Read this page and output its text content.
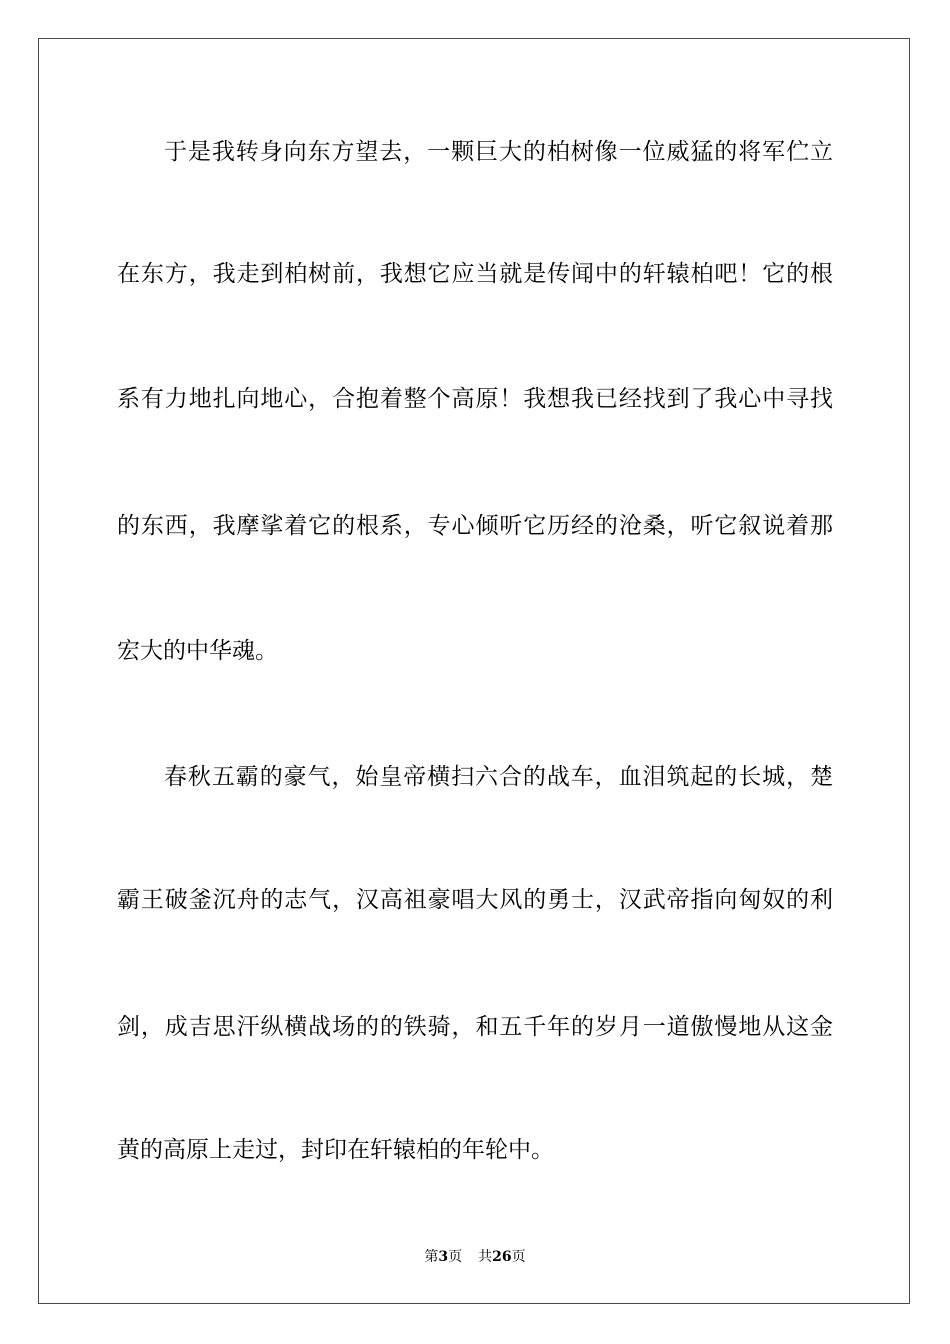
于是我转身向东方望去，一颗巨大的柏树像一位威猛的将军伫立
在东方，我走到柏树前，我想它应当就是传闻中的轩辕柏吧！它的根
系有力地扎向地心，合抱着整个高原！我想我已经找到了我心中寻找
的东西，我摩挲着它的根系，专心倾听它历经的沧桑，听它叙说着那
宏大的中华魂。
春秋五霸的豪气，始皇帝横扫六合的战车，血泪筑起的长城，楚
霸王破釜沉舟的志气，汉高祖豪唱大风的勇士，汉武帝指向匈奴的利
剑，成吉思汗纵横战场的的铁骑，和五千年的岁月一道傲慢地从这金
黄的高原上走过，封印在轩辕柏的年轮中。
第3页 共26页
